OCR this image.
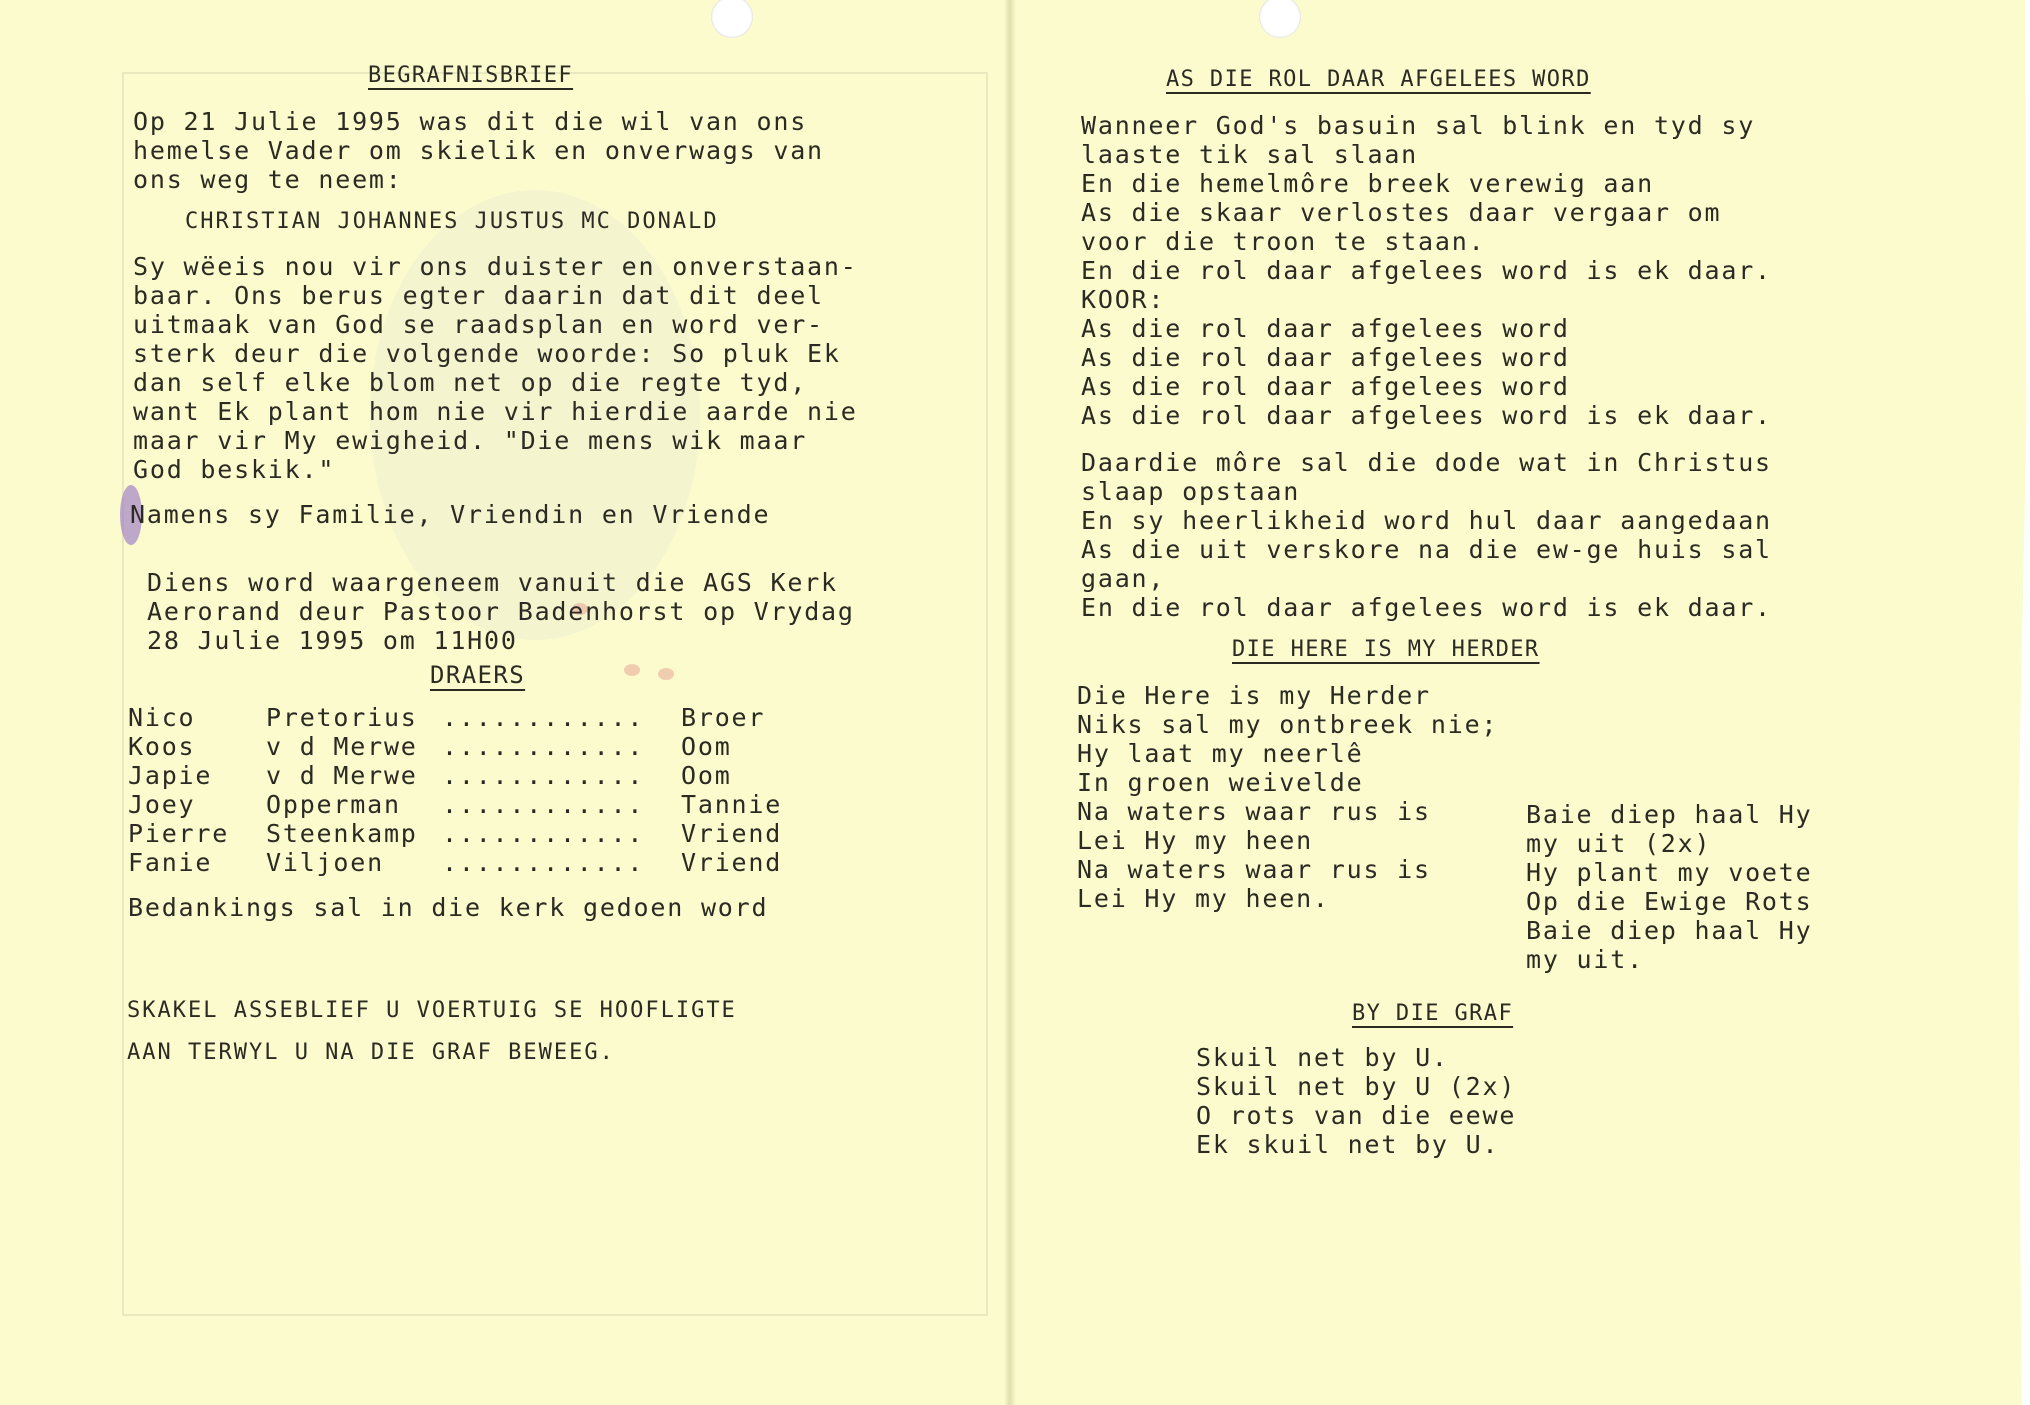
BEGRAFNISBRIEF
Op 21 Julie 1995 was dit die wil van ons
hemelse Vader om skielik en onverwags van
ons weg te neem:
CHRISTIAN JOHANNES JUSTUS MC DONALD
Sy wëeis nou vir ons duister en onverstaan-
baar. Ons berus egter daarin dat dit deel
uitmaak van God se raadsplan en word ver-
sterk deur die volgende woorde: So pluk Ek
dan self elke blom net op die regte tyd,
want Ek plant hom nie vir hierdie aarde nie
maar vir My ewigheid. "Die mens wik maar
God beskik."
Namens sy Familie, Vriendin en Vriende
Diens word waargeneem vanuit die AGS Kerk
Aerorand deur Pastoor Badenhorst op Vrydag
28 Julie 1995 om 11H00
DRAERS
Nico	Pretorius ............ Broer
Koos	v d Merwe ............ Oom
Japie v d Merwe ............ Oom
Joey	Opperman ............ Tannie
Pierre Steenkamp ............ Vriend
Fanie Viljoen ............ Vriend
Bedankings sal in die kerk gedoen word
SKAKEL ASSEBLIEF U VOERTUIG SE HOOFLIGTE
AAN TERWYL U NA DIE GRAF BEWEEG.
AS DIE ROL DAAR AFGELEES WORD
Wanneer God's basuin sal blink en tyd sy
laaste tik sal slaan
En die hemelmôre breek verewig aan
As die skaar verlostes daar vergaar om
voor die troon te staan.
En die rol daar afgelees word is ek daar.
KOOR:
As die rol daar afgelees word
As die rol daar afgelees word
As die rol daar afgelees word
As die rol daar afgelees word is ek daar.
Daardie môre sal die dode wat in Christus
slaap opstaan
En sy heerlikheid word hul daar aangedaan
As die uit verskore na die ew-ge huis sal
gaan,
En die rol daar afgelees word is ek daar.
DIE HERE IS MY HERDER
Die Here is my Herder
Niks sal my ontbreek nie;
Hy laat my neerlê
In groen weivelde
Na waters waar rus is
Lei Hy my heen
Na waters waar rus is
Lei Hy my heen.
Baie diep haal Hy
my uit (2x)
Hy plant my voete
Op die Ewige Rots
Baie diep haal Hy
my uit.
BY DIE GRAF
Skuil net by U.
Skuil net by U (2x)
O rots van die eewe
Ek skuil net by U.
